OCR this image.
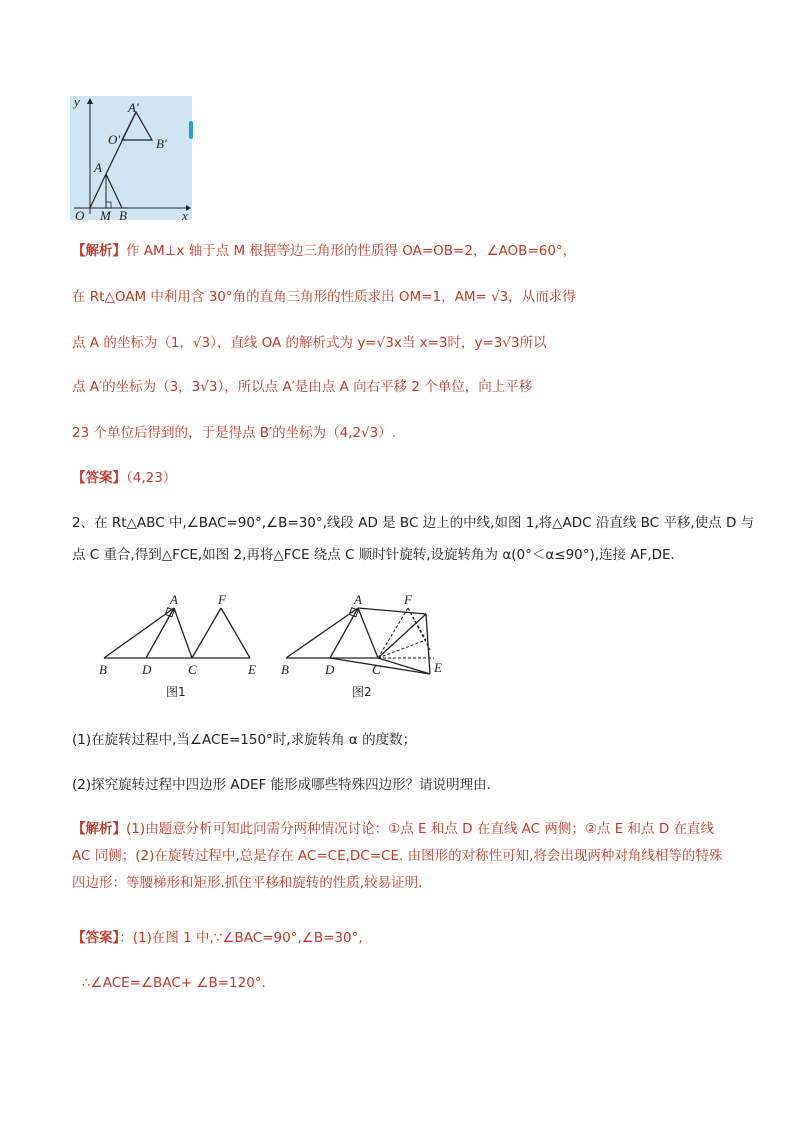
y
x
O M B
A
O′
A′
B′
【解析】作 AM⊥x 轴于点 M 根据等边三角形的性质得 OA=OB=2，∠AOB=60°，
在 Rt△OAM 中利用含 30°角的直角三角形的性质求出 OM=1，AM= √3，从而求得
点 A 的坐标为（1，√3），直线 OA 的解析式为 y=√3x当 x=3时，y=3√3所以
点 A′的坐标为（3，3√3），所以点 A′是由点 A 向右平移 2 个单位，向上平移
23 个单位后得到的，于是得点 B′的坐标为（4,2√3）.
【答案】（4,23）
2、在 Rt△ABC 中,∠BAC=90°,∠B=30°,线段 AD 是 BC 边上的中线,如图 1,将△ADC 沿直线 BC 平移,使点 D 与
点 C 重合,得到△FCE,如图 2,再将△FCE 绕点 C 顺时针旋转,设旋转角为 α(0°＜α≤90°),连接 AF,DE．
A	F
B	D	C	E
图1
A	F
B	D	C	E
图2
(1)在旋转过程中,当∠ACE=150°时,求旋转角 α 的度数；
(2)探究旋转过程中四边形 ADEF 能形成哪些特殊四边形？请说明理由．
【解析】(1)由题意分析可知此问需分两种情况讨论：①点 E 和点 D 在直线 AC 两侧；②点 E 和点 D 在直线 AC 同侧；(2)在旋转过程中,总是存在 AC=CE,DC=CE. 由图形的对称性可知,将会出现两种对角线相等的特殊四边形：等腰梯形和矩形.抓住平移和旋转的性质,较易证明.
【答案】：(1)在图 1 中,∵∠BAC=90°,∠B=30°,
∴∠ACE=∠BAC+ ∠B=120°．
